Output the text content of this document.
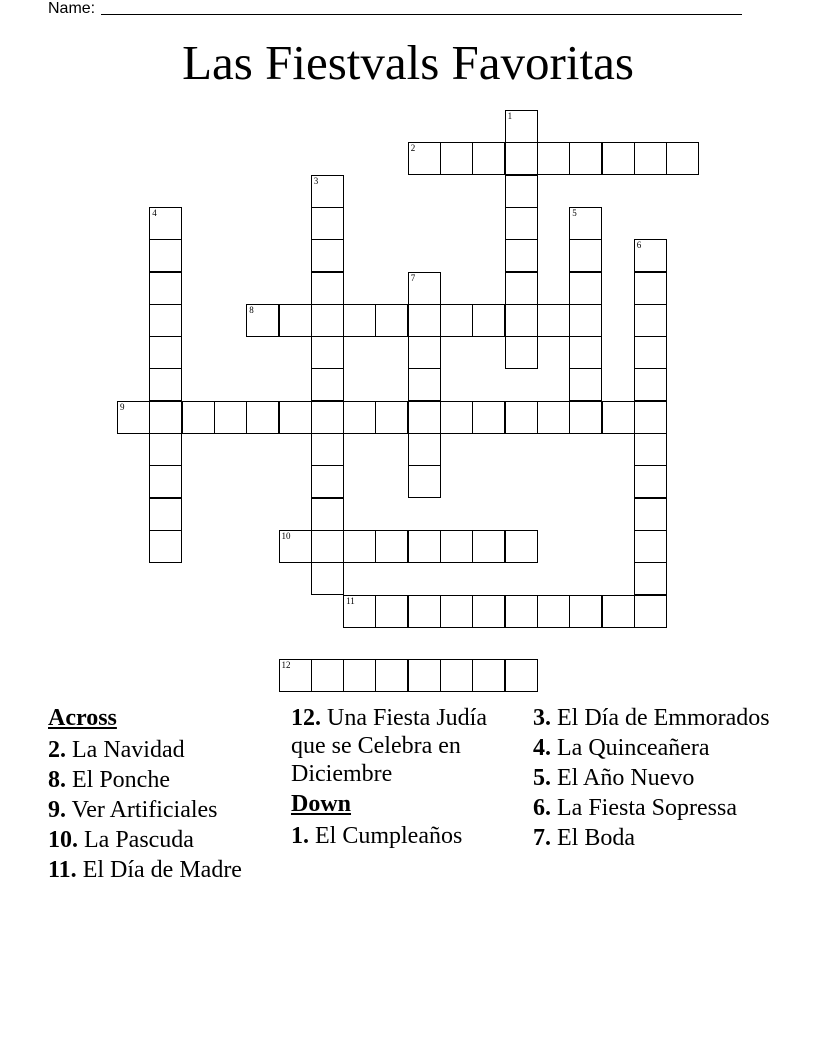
Name:
Las Fiestvals Favoritas
1
2
3
4	5
6
7
8
9
10
11
12
Across
2. La Navidad
8. El Ponche
9. Ver Artificiales
10. La Pascuda
11. El Día de Madre
12. Una Fiesta Judía que se Celebra en Diciembre
Down
1. El Cumpleaños
3. El Día de Emmorados
4. La Quinceañera
5. El Año Nuevo
6. La Fiesta Sopressa
7. El Boda
